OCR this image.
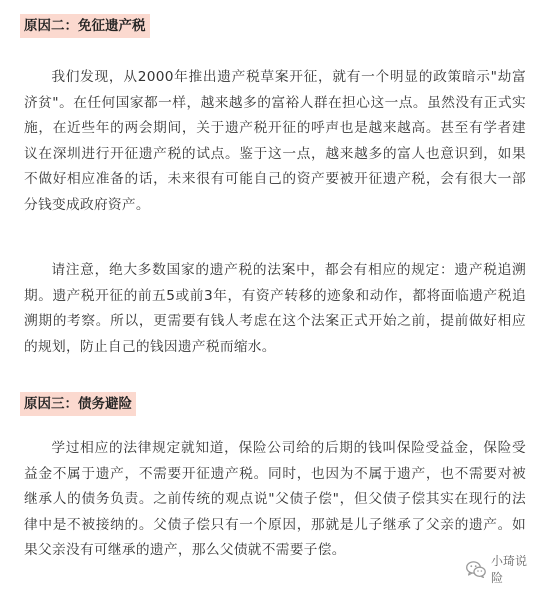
原因二：免征遗产税

我们发现，从2000年推出遗产税草案开征，就有一个明显的政策暗示"劫富济贫"。在任何国家都一样，越来越多的富裕人群在担心这一点。虽然没有正式实施，在近些年的两会期间，关于遗产税开征的呼声也是越来越高。甚至有学者建议在深圳进行开征遗产税的试点。鉴于这一点，越来越多的富人也意识到，如果不做好相应准备的话，未来很有可能自己的资产要被开征遗产税，会有很大一部分钱变成政府资产。

请注意，绝大多数国家的遗产税的法案中，都会有相应的规定：遗产税追溯期。遗产税开征的前五5或前3年，有资产转移的迹象和动作，都将面临遗产税追溯期的考察。所以，更需要有钱人考虑在这个法案正式开始之前，提前做好相应的规划，防止自己的钱因遗产税而缩水。

原因三：债务避险

学过相应的法律规定就知道，保险公司给的后期的钱叫保险受益金，保险受益金不属于遗产，不需要开征遗产税。同时，也因为不属于遗产，也不需要对被继承人的债务负责。之前传统的观点说"父债子偿"，但父债子偿其实在现行的法律中是不被接纳的。父债子偿只有一个原因，那就是儿子继承了父亲的遗产。如果父亲没有可继承的遗产，那么父债就不需要子偿。

小琦说险
